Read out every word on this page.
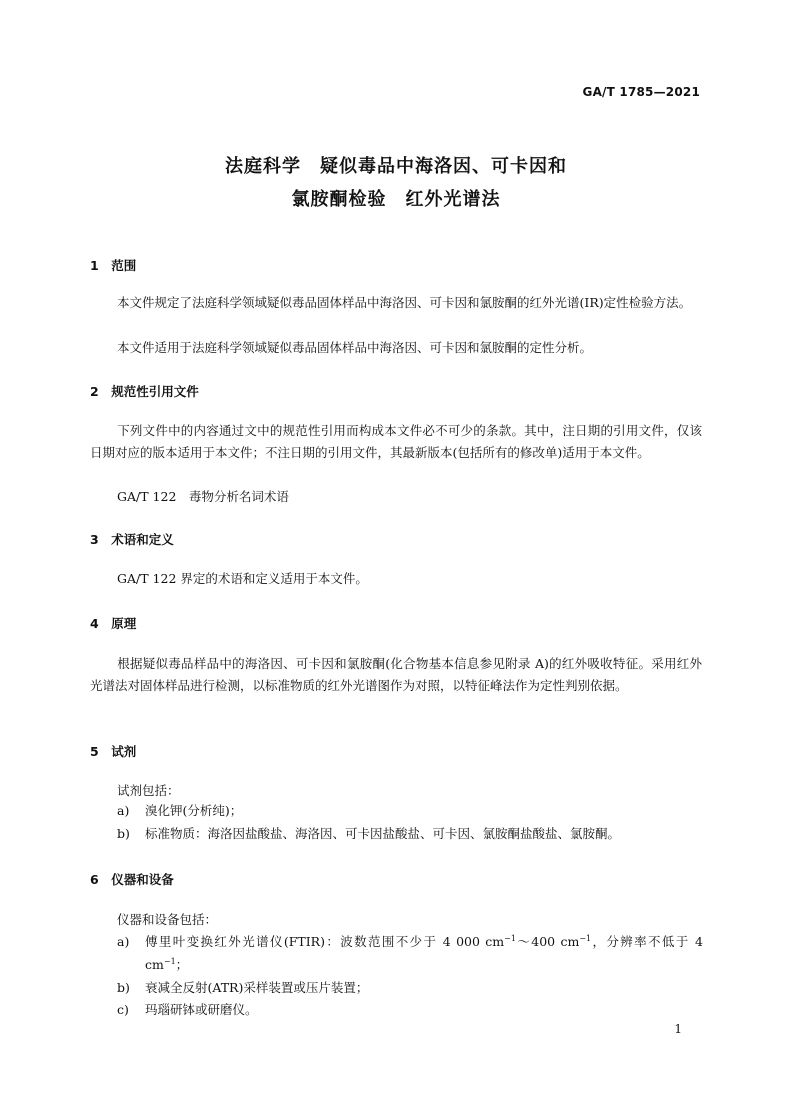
GA/T 1785—2021
法庭科学　疑似毒品中海洛因、可卡因和
氯胺酮检验　红外光谱法
1　范围
本文件规定了法庭科学领域疑似毒品固体样品中海洛因、可卡因和氯胺酮的红外光谱(IR)定性检验方法。
本文件适用于法庭科学领域疑似毒品固体样品中海洛因、可卡因和氯胺酮的定性分析。
2　规范性引用文件
下列文件中的内容通过文中的规范性引用而构成本文件必不可少的条款。其中，注日期的引用文件，仅该日期对应的版本适用于本文件；不注日期的引用文件，其最新版本(包括所有的修改单)适用于本文件。
GA/T 122　毒物分析名词术语
3　术语和定义
GA/T 122 界定的术语和定义适用于本文件。
4　原理
根据疑似毒品样品中的海洛因、可卡因和氯胺酮(化合物基本信息参见附录 A)的红外吸收特征。采用红外光谱法对固体样品进行检测，以标准物质的红外光谱图作为对照，以特征峰法作为定性判别依据。
5　试剂
试剂包括：
a) 溴化钾(分析纯)；
b) 标准物质：海洛因盐酸盐、海洛因、可卡因盐酸盐、可卡因、氯胺酮盐酸盐、氯胺酮。
6　仪器和设备
仪器和设备包括：
a) 傅里叶变换红外光谱仪(FTIR)：波数范围不少于 4 000 $cm^{-1}\sim 400$ $cm^{-1}$，分辨率不低于 4 $cm^{-1}$；
b) 衰减全反射(ATR)采样装置或压片装置；
c) 玛瑙研钵或研磨仪。
1
